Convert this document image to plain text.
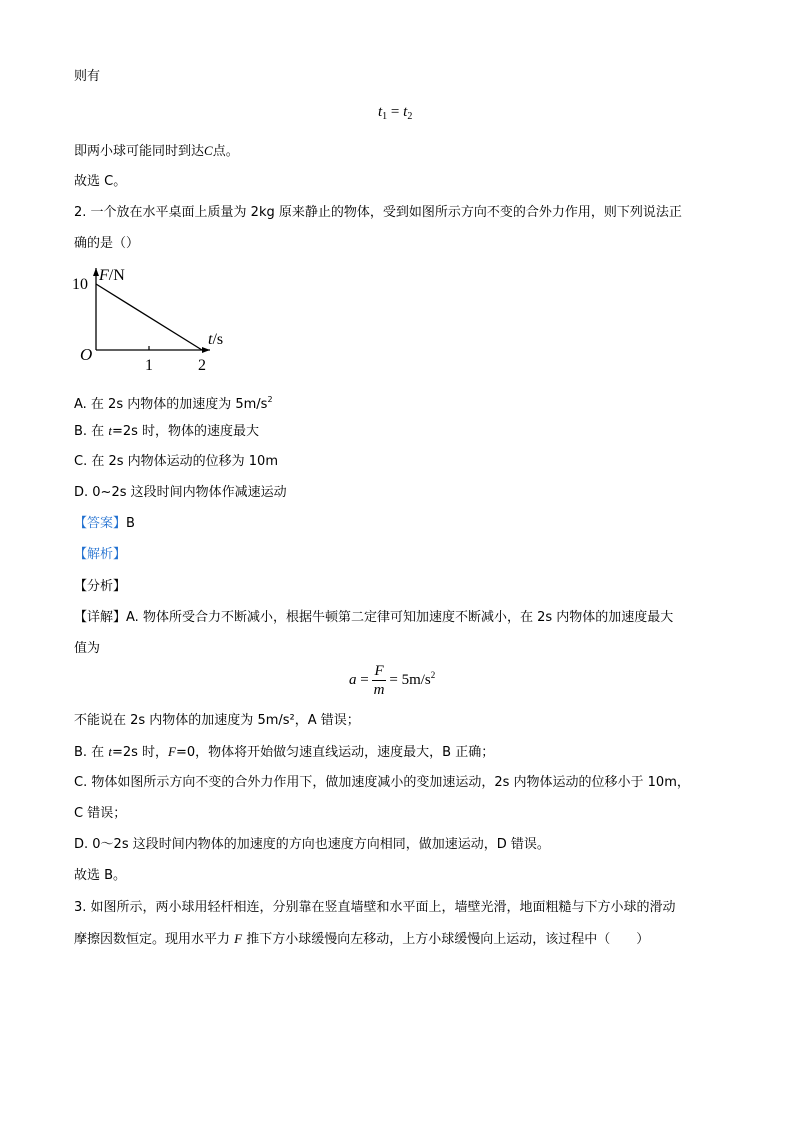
则有
$t_1 = t_2$
即两小球可能同时到达C点。
故选 C。
2. 一个放在水平桌面上质量为 2kg 原来静止的物体，受到如图所示方向不变的合外力作用，则下列说法正
确的是（）
F/N
t/s
10
1	2
O
A. 在 2s 内物体的加速度为 $5m/s^2$
B. 在 t=2s 时，物体的速度最大
C. 在 2s 内物体运动的位移为 10m
D. 0~2s 这段时间内物体作减速运动
【答案】B
【解析】
【分析】
【详解】A. 物体所受合力不断减小，根据牛顿第二定律可知加速度不断减小，在 2s 内物体的加速度最大
值为
$a = \frac{F}{m} = 5m/s^2$
不能说在 2s 内物体的加速度为 5m/s²，A 错误；
B. 在 t=2s 时，F=0，物体将开始做匀速直线运动，速度最大，B 正确；
C. 物体如图所示方向不变的合外力作用下，做加速度减小的变加速运动，2s 内物体运动的位移小于 10m，
C 错误；
D. 0～2s 这段时间内物体的加速度的方向也速度方向相同，做加速运动，D 错误。
故选 B。
3. 如图所示，两小球用轻杆相连，分别靠在竖直墙壁和水平面上，墙壁光滑，地面粗糙与下方小球的滑动
摩擦因数恒定。现用水平力 F 推下方小球缓慢向左移动，上方小球缓慢向上运动，该过程中（　　）
